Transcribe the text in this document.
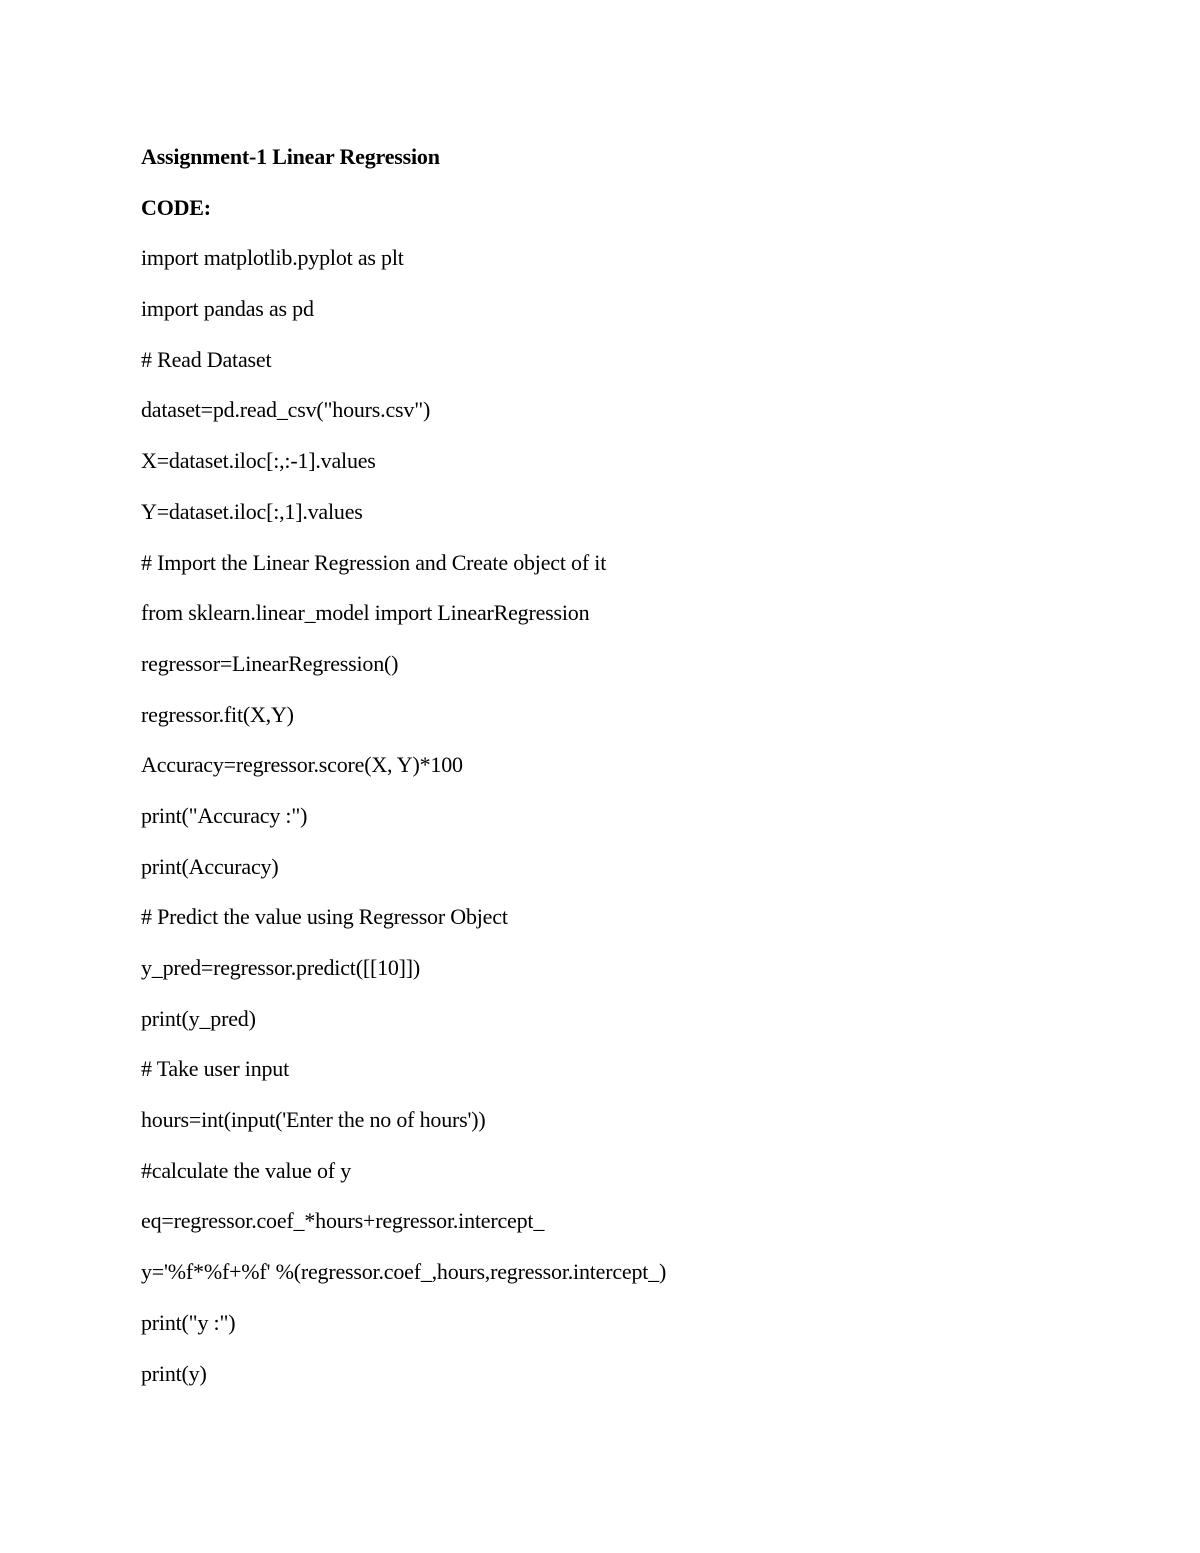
Assignment-1 Linear Regression
CODE:
import matplotlib.pyplot as plt
import pandas as pd
# Read Dataset
dataset=pd.read_csv("hours.csv")
X=dataset.iloc[:,:-1].values
Y=dataset.iloc[:,1].values
# Import the Linear Regression and Create object of it
from sklearn.linear_model import LinearRegression
regressor=LinearRegression()
regressor.fit(X,Y)
Accuracy=regressor.score(X, Y)*100
print("Accuracy :")
print(Accuracy)
# Predict the value using Regressor Object
y_pred=regressor.predict([[10]])
print(y_pred)
# Take user input
hours=int(input('Enter the no of hours'))
#calculate the value of y
eq=regressor.coef_*hours+regressor.intercept_
y='%f*%f+%f' %(regressor.coef_,hours,regressor.intercept_)
print("y :")
print(y)
